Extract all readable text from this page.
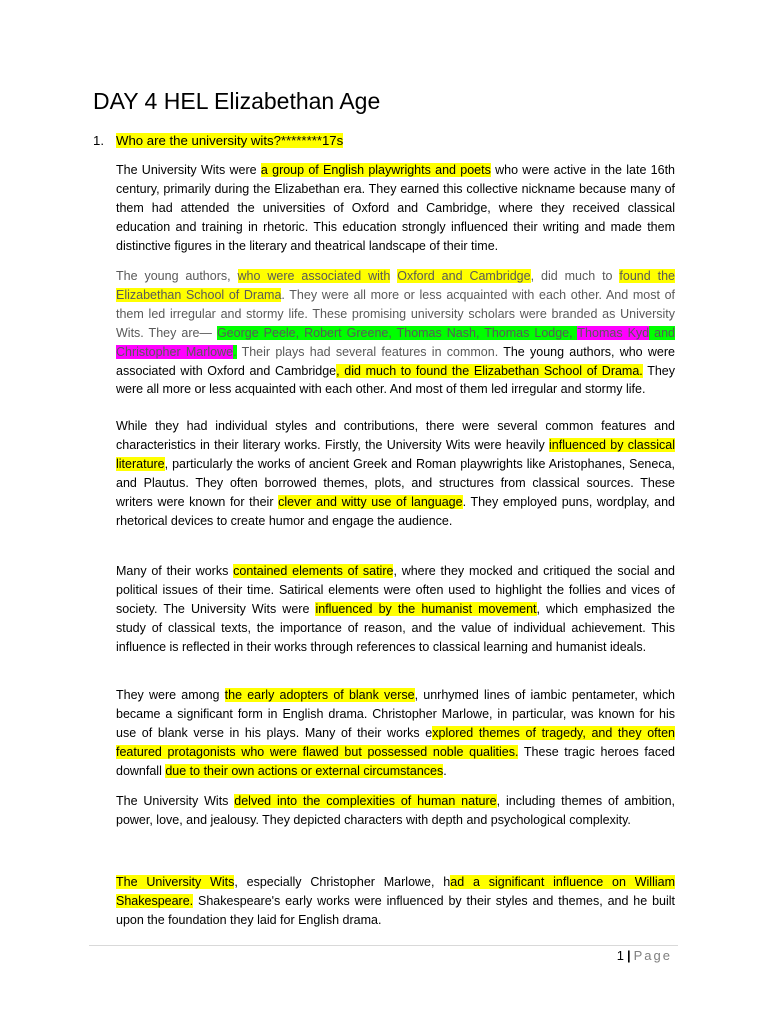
DAY 4 HEL Elizabethan Age
1. Who are the university wits?********17s

The University Wits were a group of English playwrights and poets who were active in the late 16th century, primarily during the Elizabethan era. They earned this collective nickname because many of them had attended the universities of Oxford and Cambridge, where they received classical education and training in rhetoric. This education strongly influenced their writing and made them distinctive figures in the literary and theatrical landscape of their time.

The young authors, who were associated with Oxford and Cambridge, did much to found the Elizabethan School of Drama. They were all more or less acquainted with each other. And most of them led irregular and stormy life. These promising university scholars were branded as University Wits. They are— George Peele, Robert Greene, Thomas Nash, Thomas Lodge, Thomas Kyd and Christopher Marlowe. Their plays had several features in common. The young authors, who were associated with Oxford and Cambridge, did much to found the Elizabethan School of Drama. They were all more or less acquainted with each other. And most of them led irregular and stormy life.

While they had individual styles and contributions, there were several common features and characteristics in their literary works. Firstly, the University Wits were heavily influenced by classical literature, particularly the works of ancient Greek and Roman playwrights like Aristophanes, Seneca, and Plautus. They often borrowed themes, plots, and structures from classical sources. These writers were known for their clever and witty use of language. They employed puns, wordplay, and rhetorical devices to create humor and engage the audience.

Many of their works contained elements of satire, where they mocked and critiqued the social and political issues of their time. Satirical elements were often used to highlight the follies and vices of society. The University Wits were influenced by the humanist movement, which emphasized the study of classical texts, the importance of reason, and the value of individual achievement. This influence is reflected in their works through references to classical learning and humanist ideals.

They were among the early adopters of blank verse, unrhymed lines of iambic pentameter, which became a significant form in English drama. Christopher Marlowe, in particular, was known for his use of blank verse in his plays. Many of their works explored themes of tragedy, and they often featured protagonists who were flawed but possessed noble qualities. These tragic heroes faced downfall due to their own actions or external circumstances.

The University Wits delved into the complexities of human nature, including themes of ambition, power, love, and jealousy. They depicted characters with depth and psychological complexity.

The University Wits, especially Christopher Marlowe, had a significant influence on William Shakespeare. Shakespeare's early works were influenced by their styles and themes, and he built upon the foundation they laid for English drama.

1 | Page
